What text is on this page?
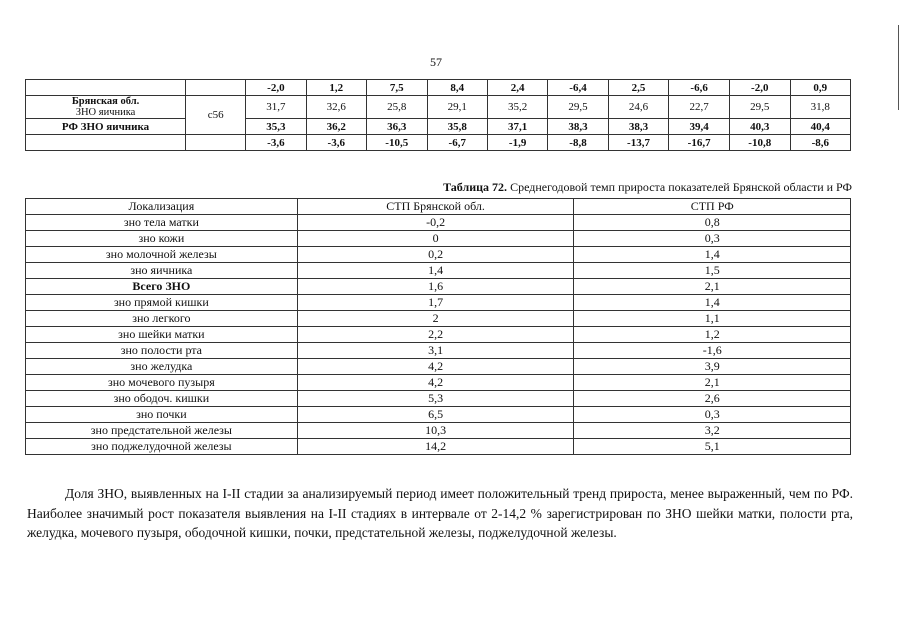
57
		-2,0	1,2	7,5	8,4	2,4	-6,4	2,5	-6,6	-2,0	0,9

Брянская обл.
ЗНО яичника	c56	31,7	32,6	25,8	29,1	35,2	29,5	24,6	22,7	29,5	31,8
РФ ЗНО яичника		35,3	36,2	36,3	35,8	37,1	38,3	38,3	39,4	40,3	40,4
		-3,6	-3,6	-10,5	-6,7	-1,9	-8,8	-13,7	-16,7	-10,8	-8,6
Таблица 72. Среднегодовой темп прироста показателей Брянской области и РФ
Локализация	СТП Брянской обл.	СТП РФ
зно тела матки	-0,2	0,8
зно кожи	0	0,3
зно молочной железы	0,2	1,4
зно яичника	1,4	1,5
Всего ЗНО	1,6	2,1
зно прямой кишки	1,7	1,4
зно легкого	2	1,1
зно шейки матки	2,2	1,2
зно полости рта	3,1	-1,6
зно желудка	4,2	3,9
зно мочевого пузыря	4,2	2,1
зно ободоч. кишки	5,3	2,6
зно почки	6,5	0,3
зно предстательной железы	10,3	3,2
зно поджелудочной железы	14,2	5,1

Доля ЗНО, выявленных на I-II стадии за анализируемый период имеет положительный тренд прироста, менее выраженный, чем по РФ. Наиболее значимый рост показателя выявления на I-II стадиях в интервале от 2-14,2 % зарегистрирован по ЗНО шейки матки, полости рта, желудка, мочевого пузыря, ободочной кишки, почки, предстательной железы, поджелудочной железы.
